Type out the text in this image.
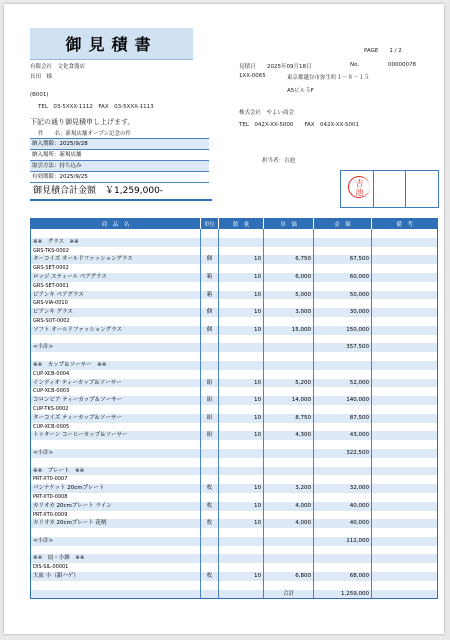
御見積書	PAGE　　1 / 2
有限会社　文化食器店
長田　様
見積日 2025年09月18日	No.	00000078
1XX-0065	東京都越谷市弥生町１－８－１５
A5ビル５F
(B001)
TEL　03-5XXX-1112　FAX　03-5XXX-1113
株式会社　やよい商会
TEL　042X-XX-5000　　FAX　042X-XX-5001
下記の通り御見積申し上げます。
件　　名：新規店舗オープン記念の件
納入期限：2025/9/28
納入場所：新規店舗
取引方法：持ち込み
有効期限：2025/9/25
御見積合計金額　￥1,259,000-
担当者：吉池
吉池
商　品　名	単位	数　量	単　価	金　額	備　考

※※　グラス　※※					
GRS-TKS-0002					
ターコイズ オールドファッショングラス	個	10	6,750	67,500	
GRS-SET-0002					
ロッジ スティール ペアグラス	箱	10	6,000	60,000	
GRS-SET-0001					
ビアンキ ペアグラス	箱	10	5,000	50,000	
GRS-VIA-0010					
ビアンキ グラス	個	10	3,000	30,000	
GRS-SOT-0002					
ソフト オールドファッショングラス	個	10	15,000	150,000	

<小計>				357,500	

※※　カップ＆ソーサー　※※					
CUP-XCB-0004					
インディオ ティーカップ＆ソーサー	組	10	5,200	52,000	
CUP-XCB-0003					
コロンビア ティーカップ＆ソーサー	組	10	14,000	140,000	
CUP-TKS-0002					
ターコイズ ティーカップ＆ソーサー	組	10	8,750	87,500	
CUP-XCB-0005					
トゥターン コーヒーカップ＆ソーサー	組	10	4,300	43,000	

<小計>				322,500	

※※　プレート　※※					
PRT-XT0-0007					
パンナケット 20cmプレート	枚	10	3,200	32,000	
PRT-XT0-0008					
カリオカ 20cmプレート ライン	枚	10	4,000	40,000	
PRT-XT0-0009					
カリオカ 20cmプレート 花柄	枚	10	4,000	40,000	

<小計>				112,000	

※※　皿・小鉢　※※					
DIS-SIL-00001					
大皿 小（銀ハゲ）	枚	10	6,800	68,000	

			合計	1,259,000	
